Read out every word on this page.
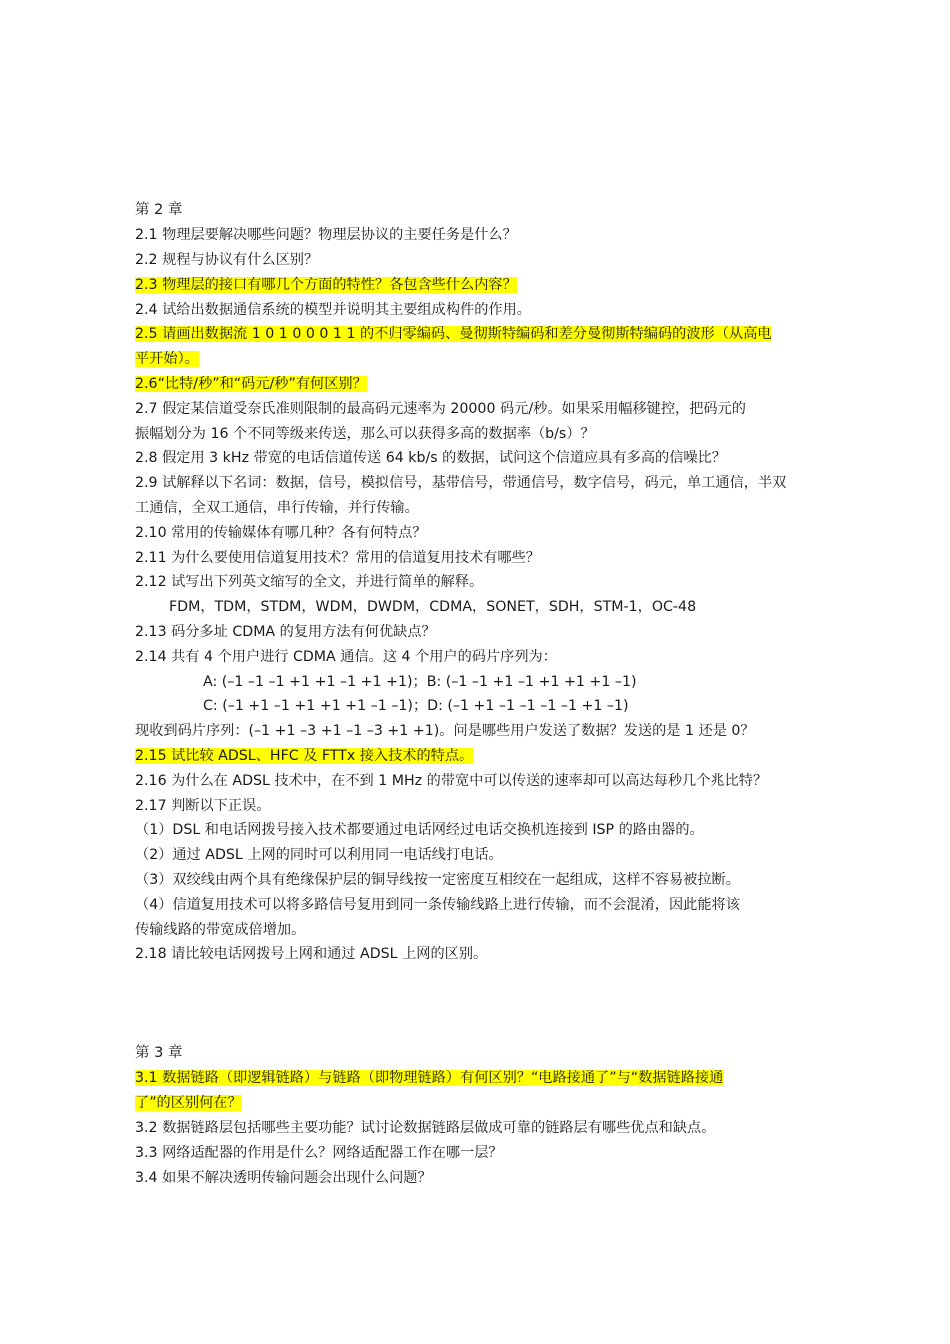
第 2 章
2.1 物理层要解决哪些问题？物理层协议的主要任务是什么？
2.2 规程与协议有什么区别？
2.3 物理层的接口有哪几个方面的特性？各包含些什么内容？
2.4 试给出数据通信系统的模型并说明其主要组成构件的作用。
2.5 请画出数据流 1 0 1 0 0 0 1 1 的不归零编码、曼彻斯特编码和差分曼彻斯特编码的波形（从高电
平开始）。
2.6“比特/秒”和“码元/秒”有何区别？
2.7 假定某信道受奈氏准则限制的最高码元速率为 20000 码元/秒。如果采用幅移键控，把码元的
振幅划分为 16 个不同等级来传送，那么可以获得多高的数据率（b/s）？
2.8 假定用 3 kHz 带宽的电话信道传送 64 kb/s 的数据，试问这个信道应具有多高的信噪比？
2.9 试解释以下名词：数据，信号，模拟信号，基带信号，带通信号，数字信号，码元，单工通信，半双
工通信，全双工通信，串行传输，并行传输。
2.10 常用的传输媒体有哪几种？各有何特点？
2.11 为什么要使用信道复用技术？常用的信道复用技术有哪些？
2.12 试写出下列英文缩写的全文，并进行简单的解释。
FDM，TDM，STDM，WDM，DWDM，CDMA，SONET，SDH，STM-1，OC-48
2.13 码分多址 CDMA 的复用方法有何优缺点？
2.14 共有 4 个用户进行 CDMA 通信。这 4 个用户的码片序列为：
A: (–1 –1 –1 +1 +1 –1 +1 +1)；B: (–1 –1 +1 –1 +1 +1 +1 –1)
C: (–1 +1 –1 +1 +1 +1 –1 –1)；D: (–1 +1 –1 –1 –1 –1 +1 –1)
现收到码片序列：(–1 +1 –3 +1 –1 –3 +1 +1)。问是哪些用户发送了数据？发送的是 1 还是 0？
2.15 试比较 ADSL、HFC 及 FTTx 接入技术的特点。
2.16 为什么在 ADSL 技术中，在不到 1 MHz 的带宽中可以传送的速率却可以高达每秒几个兆比特？
2.17 判断以下正误。
（1）DSL 和电话网拨号接入技术都要通过电话网经过电话交换机连接到 ISP 的路由器的。
（2）通过 ADSL 上网的同时可以利用同一电话线打电话。
（3）双绞线由两个具有绝缘保护层的铜导线按一定密度互相绞在一起组成，这样不容易被拉断。
（4）信道复用技术可以将多路信号复用到同一条传输线路上进行传输，而不会混淆，因此能将该
传输线路的带宽成倍增加。
2.18 请比较电话网拨号上网和通过 ADSL 上网的区别。
第 3 章
3.1 数据链路（即逻辑链路）与链路（即物理链路）有何区别？“电路接通了”与“数据链路接通
了”的区别何在？
3.2 数据链路层包括哪些主要功能？试讨论数据链路层做成可靠的链路层有哪些优点和缺点。
3.3 网络适配器的作用是什么？网络适配器工作在哪一层？
3.4 如果不解决透明传输问题会出现什么问题？
